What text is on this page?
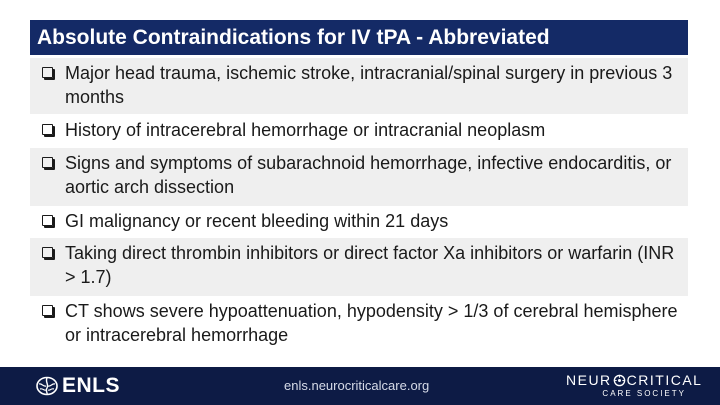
Absolute Contraindications for IV tPA - Abbreviated
Major head trauma, ischemic stroke, intracranial/spinal surgery in previous 3 months
History of intracerebral hemorrhage or intracranial neoplasm
Signs and symptoms of subarachnoid hemorrhage, infective endocarditis, or aortic arch dissection
GI malignancy or recent bleeding within 21 days
Taking direct thrombin inhibitors or direct factor Xa inhibitors or warfarin (INR > 1.7)
CT shows severe hypoattenuation, hypodensity > 1/3 of cerebral hemisphere or intracerebral hemorrhage
ENLS	enls.neurocriticalcare.org	NEUR CRITICAL
CARE SOCIETY
